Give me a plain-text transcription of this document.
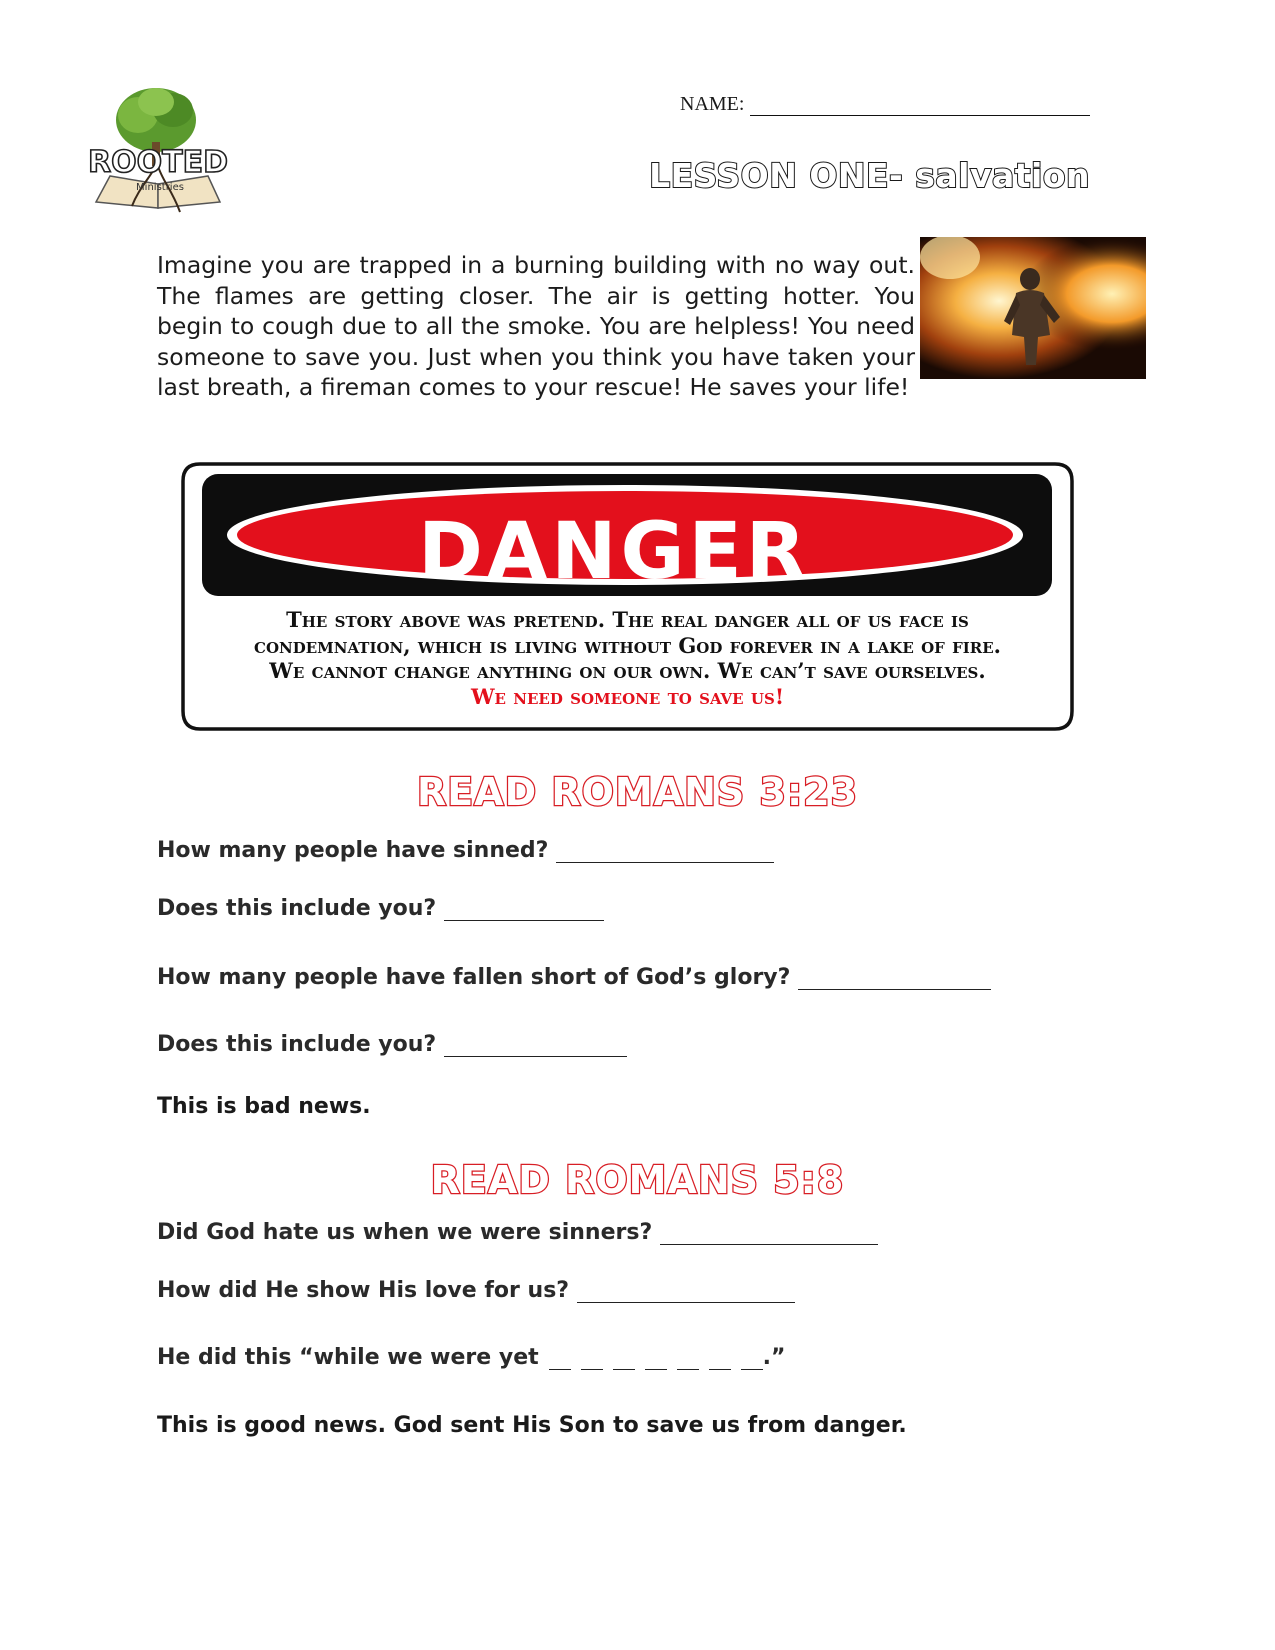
ROOTED
Ministries
NAME:
LESSON ONE- salvation
Imagine you are trapped in a burning building with no way out. The flames are getting closer. The air is getting hotter. You begin to cough due to all the smoke. You are helpless! You need someone to save you. Just when you think you have taken your last breath, a fireman comes to your rescue! He saves your life!
DANGER
The story above was pretend. The real danger all of us face is
condemnation, which is living without God forever in a lake of fire.
We cannot change anything on our own. We can’t save ourselves.
We need someone to save us!
READ ROMANS 3:23
How many people have sinned?
Does this include you?
How many people have fallen short of God’s glory?
Does this include you?
This is bad news.
READ ROMANS 5:8
Did God hate us when we were sinners?
How did He show His love for us?
He did this “while we were yet	.”
This is good news. God sent His Son to save us from danger.
